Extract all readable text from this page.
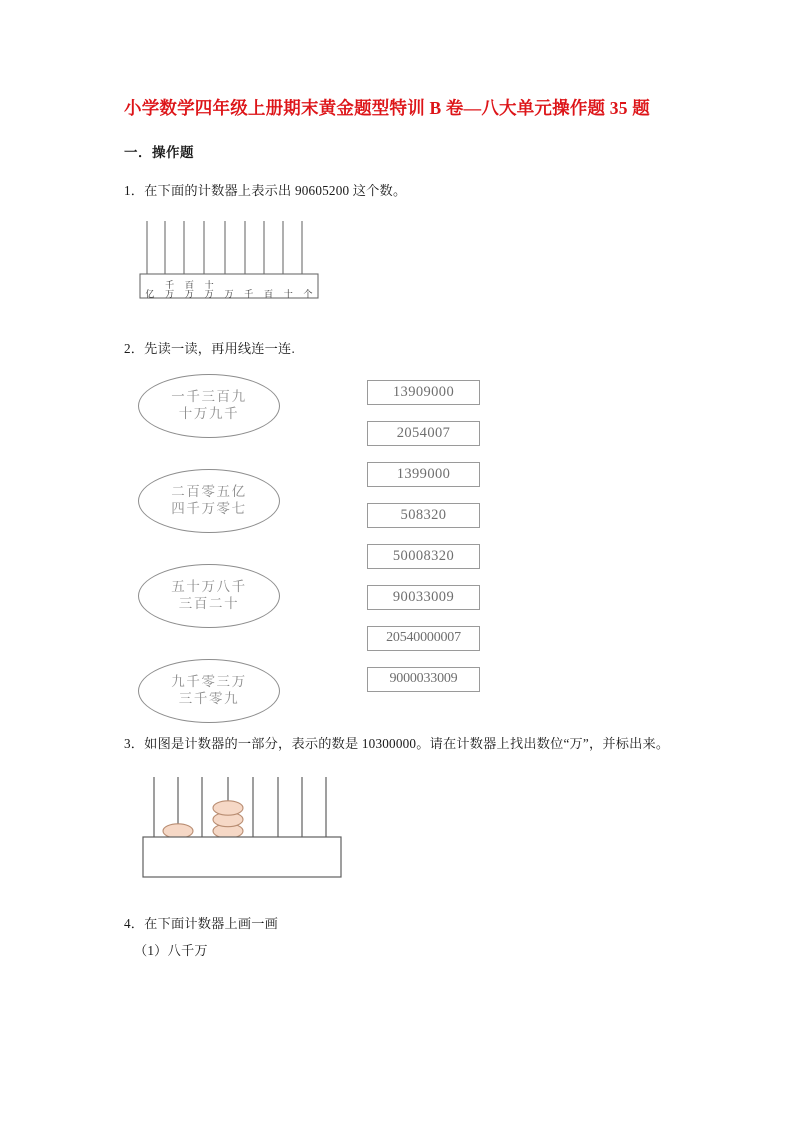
小学数学四年级上册期末黄金题型特训 B 卷—八大单元操作题 35 题
一．操作题

1．在下面的计数器上表示出 90605200 这个数。

亿
千
万
百
万
十
万 万 千 百 十 个

2．先读一读，再用线连一连.

一千三百九
十万九千
二百零五亿
四千万零七
五十万八千
三百二十
九千零三万
三千零九
13909000
2054007
1399000
508320
50008320
90033009
20540000007
9000033009

3．如图是计数器的一部分，表示的数是 10300000。请在计数器上找出数位“万”，并标出来。

4．在下面计数器上画一画

（1）八千万
